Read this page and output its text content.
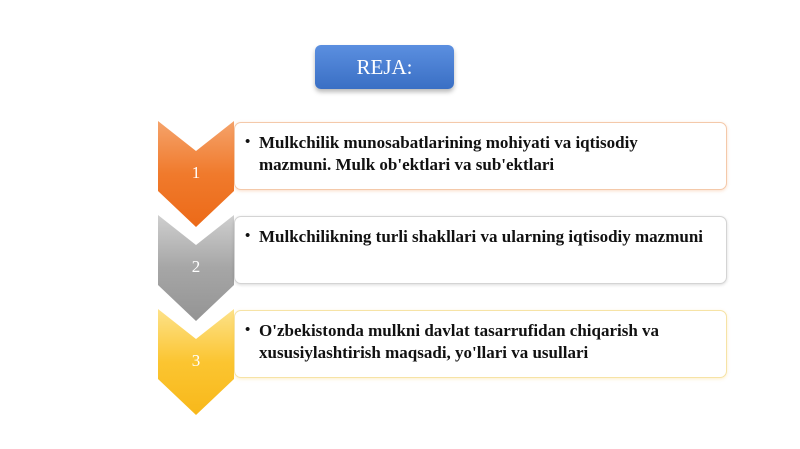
REJA:
1
• Mulkchilik munosabatlarining mohiyati va iqtisodiy mazmuni. Mulk ob'ektlari va sub'ektlari
2
• Mulkchilikning turli shakllari va ularning iqtisodiy mazmuni
3
• O'zbekistonda mulkni davlat tasarrufidan chiqarish va xususiylashtirish maqsadi, yo'llari va usullari
